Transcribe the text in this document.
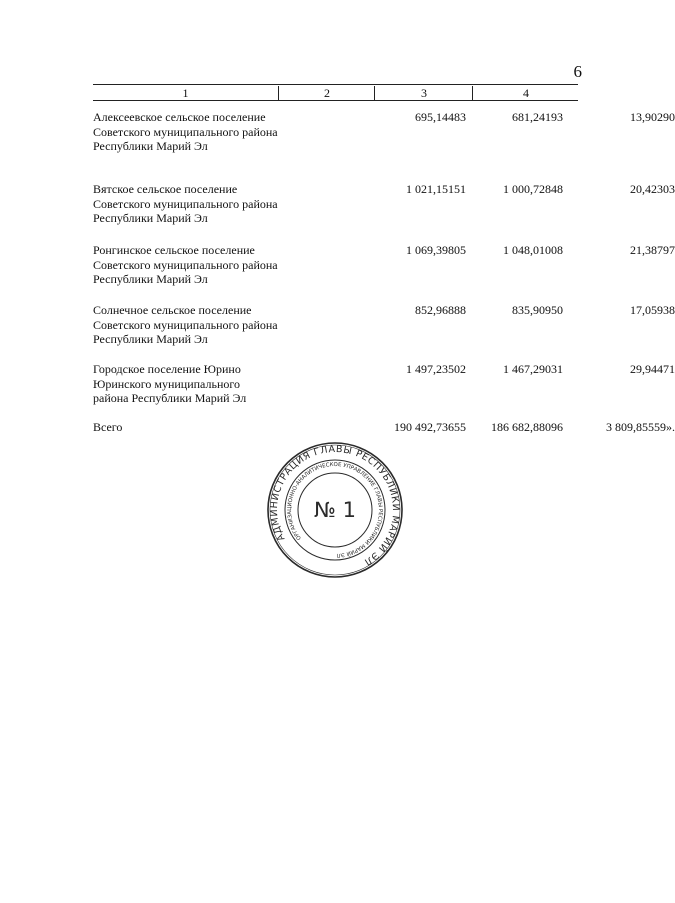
6
1	2	3	4
Алексеевское сельское поселение Советского муниципального района Республики Марий Эл
695,14483	681,24193	13,90290
Вятское сельское поселение Советского муниципального района Республики Марий Эл
1 021,15151	1 000,72848	20,42303
Ронгинское сельское поселение Советского муниципального района Республики Марий Эл
1 069,39805	1 048,01008	21,38797
Солнечное сельское поселение Советского муниципального района Республики Марий Эл
852,96888	835,90950	17,05938
Городское поселение Юрино Юринского муниципального района Республики Марий Эл
1 497,23502	1 467,29031	29,94471
Всего	190 492,73655	186 682,88096	3 809,85559».
АДМИНИСТРАЦИЯ ГЛАВЫ РЕСПУБЛИКИ МАРИЙ ЭЛ
ОРГАНИЗАЦИОННО-АНАЛИТИЧЕСКОЕ УПРАВЛЕНИЕ ГЛАВЫ РЕСПУБЛИКИ МАРИЙ ЭЛ
№ 1
